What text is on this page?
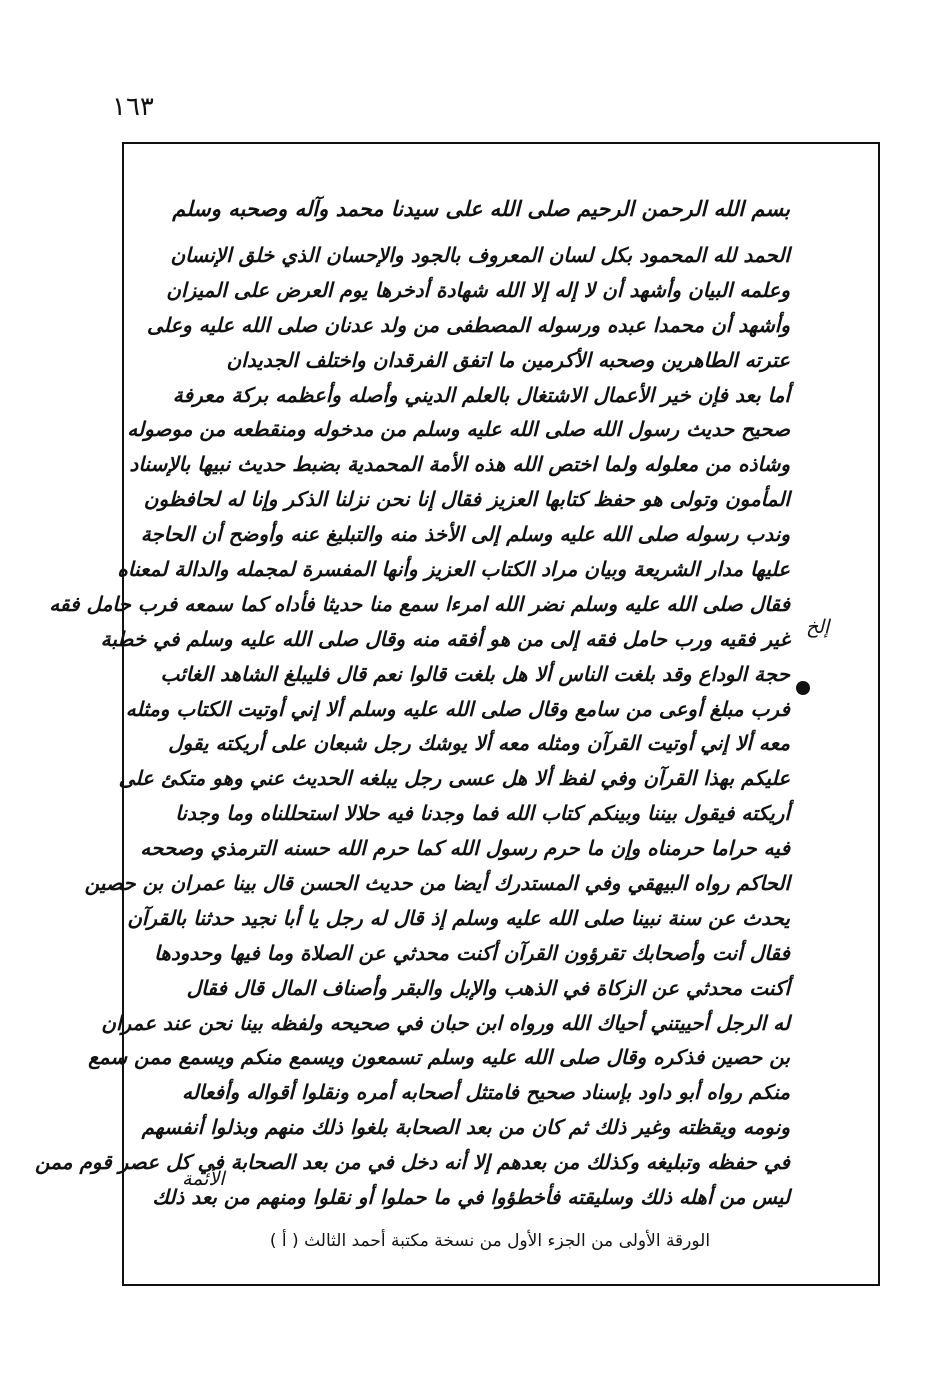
١٦٣
بسم الله الرحمن الرحيم صلى الله على سيدنا محمد وآله وصحبه وسلم
الحمد لله المحمود بكل لسان المعروف بالجود والإحسان الذي خلق الإنسان
وعلمه البيان وأشهد أن لا إله إلا الله شهادة أدخرها يوم العرض على الميزان
وأشهد أن محمدا عبده ورسوله المصطفى من ولد عدنان صلى الله عليه وعلى
عترته الطاهرين وصحبه الأكرمين ما اتفق الفرقدان واختلف الجديدان
أما بعد فإن خير الأعمال الاشتغال بالعلم الديني وأصله وأعظمه بركة معرفة
صحيح حديث رسول الله صلى الله عليه وسلم من مدخوله ومنقطعه من موصوله
وشاذه من معلوله ولما اختص الله هذه الأمة المحمدية بضبط حديث نبيها بالإسناد
المأمون وتولى هو حفظ كتابها العزيز فقال إنا نحن نزلنا الذكر وإنا له لحافظون
وندب رسوله صلى الله عليه وسلم إلى الأخذ منه والتبليغ عنه وأوضح أن الحاجة
عليها مدار الشريعة وبيان مراد الكتاب العزيز وأنها المفسرة لمجمله والدالة لمعناه
فقال صلى الله عليه وسلم نضر الله امرءا سمع منا حديثا فأداه كما سمعه فرب حامل فقه
غير فقيه ورب حامل فقه إلى من هو أفقه منه وقال صلى الله عليه وسلم في خطبة
حجة الوداع وقد بلغت الناس ألا هل بلغت قالوا نعم قال فليبلغ الشاهد الغائب
فرب مبلغ أوعى من سامع وقال صلى الله عليه وسلم ألا إني أوتيت الكتاب ومثله
معه ألا إني أوتيت القرآن ومثله معه ألا يوشك رجل شبعان على أريكته يقول
عليكم بهذا القرآن وفي لفظ ألا هل عسى رجل يبلغه الحديث عني وهو متكئ على
أريكته فيقول بيننا وبينكم كتاب الله فما وجدنا فيه حلالا استحللناه وما وجدنا
فيه حراما حرمناه وإن ما حرم رسول الله كما حرم الله حسنه الترمذي وصححه
الحاكم رواه البيهقي وفي المستدرك أيضا من حديث الحسن قال بينا عمران بن حصين
يحدث عن سنة نبينا صلى الله عليه وسلم إذ قال له رجل يا أبا نجيد حدثنا بالقرآن
فقال أنت وأصحابك تقرؤون القرآن أكنت محدثي عن الصلاة وما فيها وحدودها
أكنت محدثي عن الزكاة في الذهب والإبل والبقر وأصناف المال قال فقال
له الرجل أحييتني أحياك الله ورواه ابن حبان في صحيحه ولفظه بينا نحن عند عمران
بن حصين فذكره وقال صلى الله عليه وسلم تسمعون ويسمع منكم ويسمع ممن سمع
منكم رواه أبو داود بإسناد صحيح فامتثل أصحابه أمره ونقلوا أقواله وأفعاله
ونومه ويقظته وغير ذلك ثم كان من بعد الصحابة بلغوا ذلك منهم وبذلوا أنفسهم
في حفظه وتبليغه وكذلك من بعدهم إلا أنه دخل في من بعد الصحابة في كل عصر قوم ممن
ليس من أهله ذلك وسليقته فأخطؤوا في ما حملوا أو نقلوا ومنهم من بعد ذلك
إلخ
الأئمة
الورقة الأولى من الجزء الأول من نسخة مكتبة أحمد الثالث ( أ )
